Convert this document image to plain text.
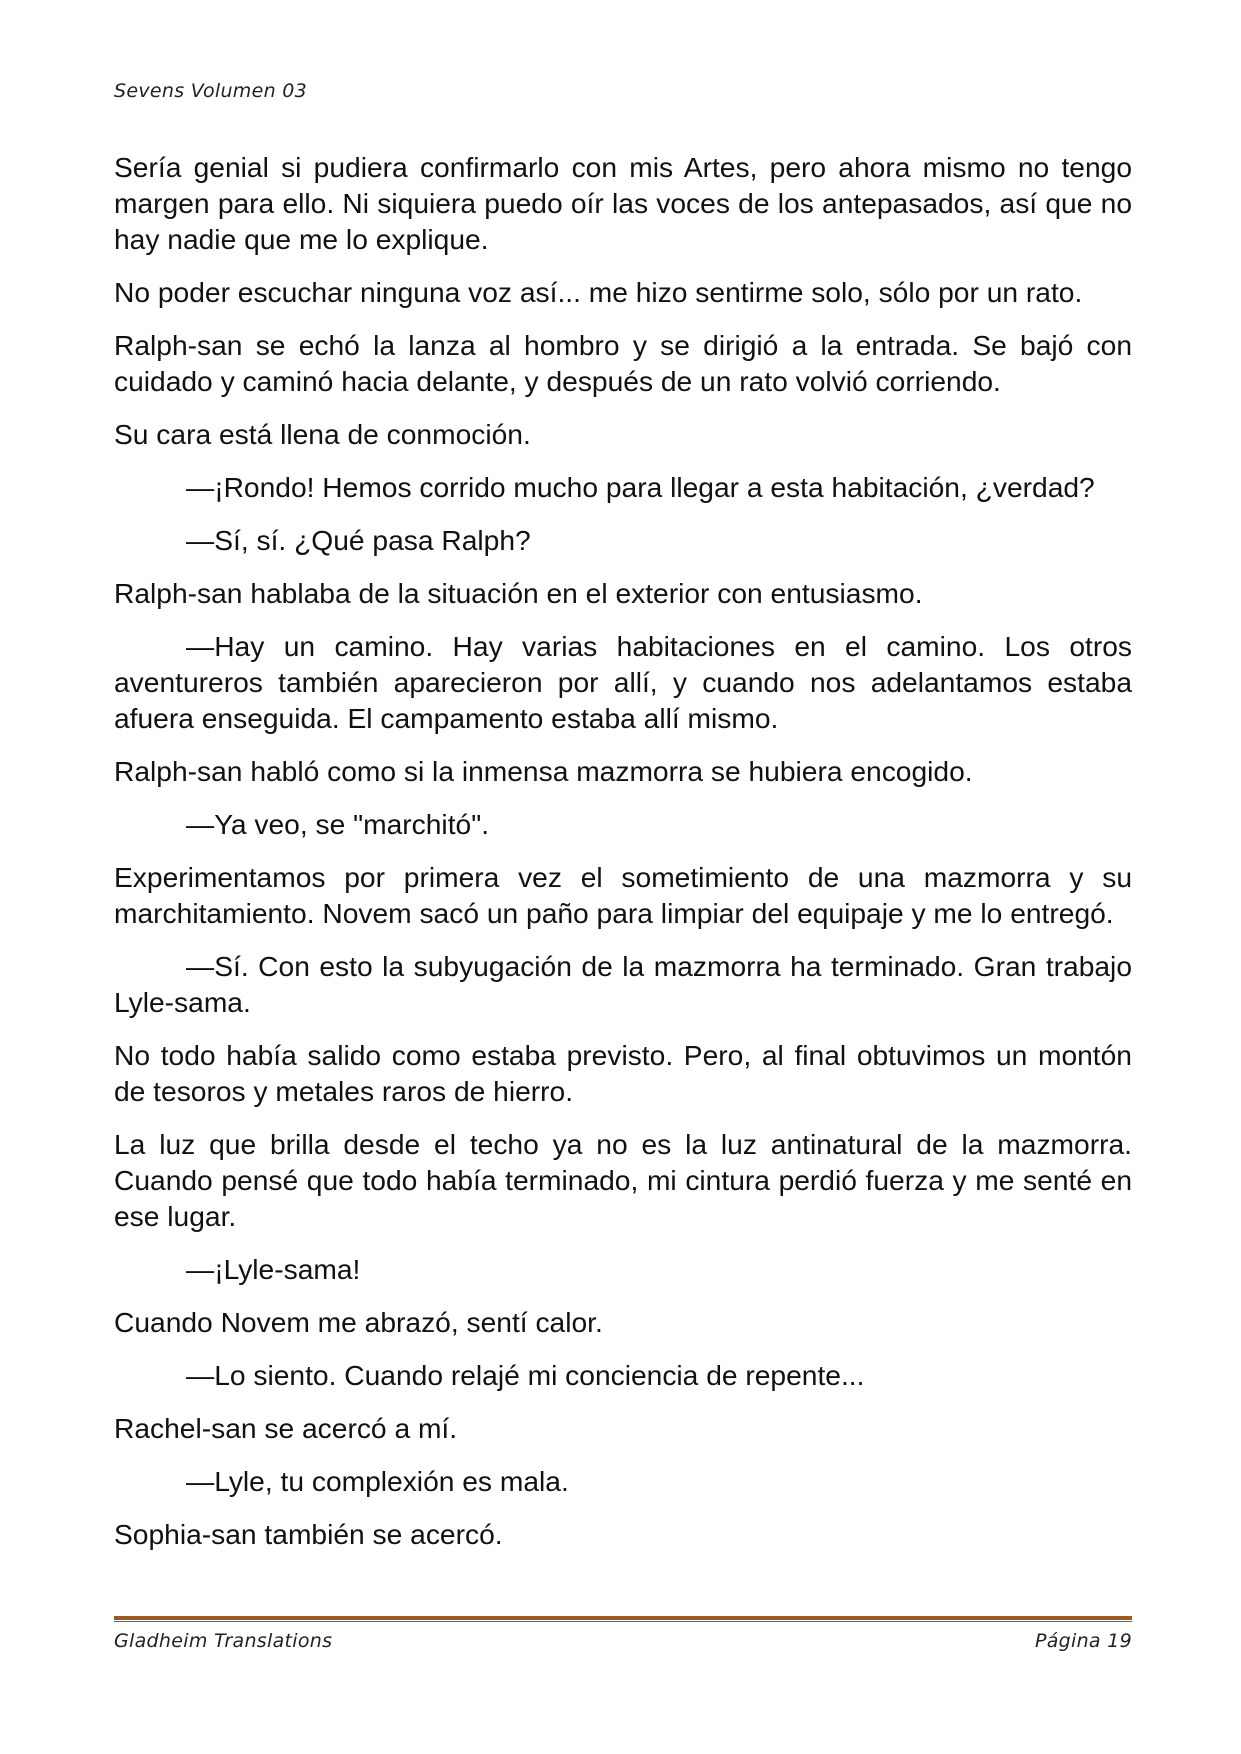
Sevens Volumen 03

Sería genial si pudiera confirmarlo con mis Artes, pero ahora mismo no tengo margen para ello. Ni siquiera puedo oír las voces de los antepasados, así que no hay nadie que me lo explique.

No poder escuchar ninguna voz así... me hizo sentirme solo, sólo por un rato.

Ralph-san se echó la lanza al hombro y se dirigió a la entrada. Se bajó con cuidado y caminó hacia delante, y después de un rato volvió corriendo.

Su cara está llena de conmoción.

—¡Rondo! Hemos corrido mucho para llegar a esta habitación, ¿verdad?

—Sí, sí. ¿Qué pasa Ralph?

Ralph-san hablaba de la situación en el exterior con entusiasmo.

—Hay un camino. Hay varias habitaciones en el camino. Los otros aventureros también aparecieron por allí, y cuando nos adelantamos estaba afuera enseguida. El campamento estaba allí mismo.

Ralph-san habló como si la inmensa mazmorra se hubiera encogido.

—Ya veo, se "marchitó".

Experimentamos por primera vez el sometimiento de una mazmorra y su marchitamiento. Novem sacó un paño para limpiar del equipaje y me lo entregó.

—Sí. Con esto la subyugación de la mazmorra ha terminado. Gran trabajo Lyle-sama.

No todo había salido como estaba previsto. Pero, al final obtuvimos un montón de tesoros y metales raros de hierro.

La luz que brilla desde el techo ya no es la luz antinatural de la mazmorra. Cuando pensé que todo había terminado, mi cintura perdió fuerza y me senté en ese lugar.

—¡Lyle-sama!

Cuando Novem me abrazó, sentí calor.

—Lo siento. Cuando relajé mi conciencia de repente...

Rachel-san se acercó a mí.

—Lyle, tu complexión es mala.

Sophia-san también se acercó.

Gladheim Translations	Página 19
